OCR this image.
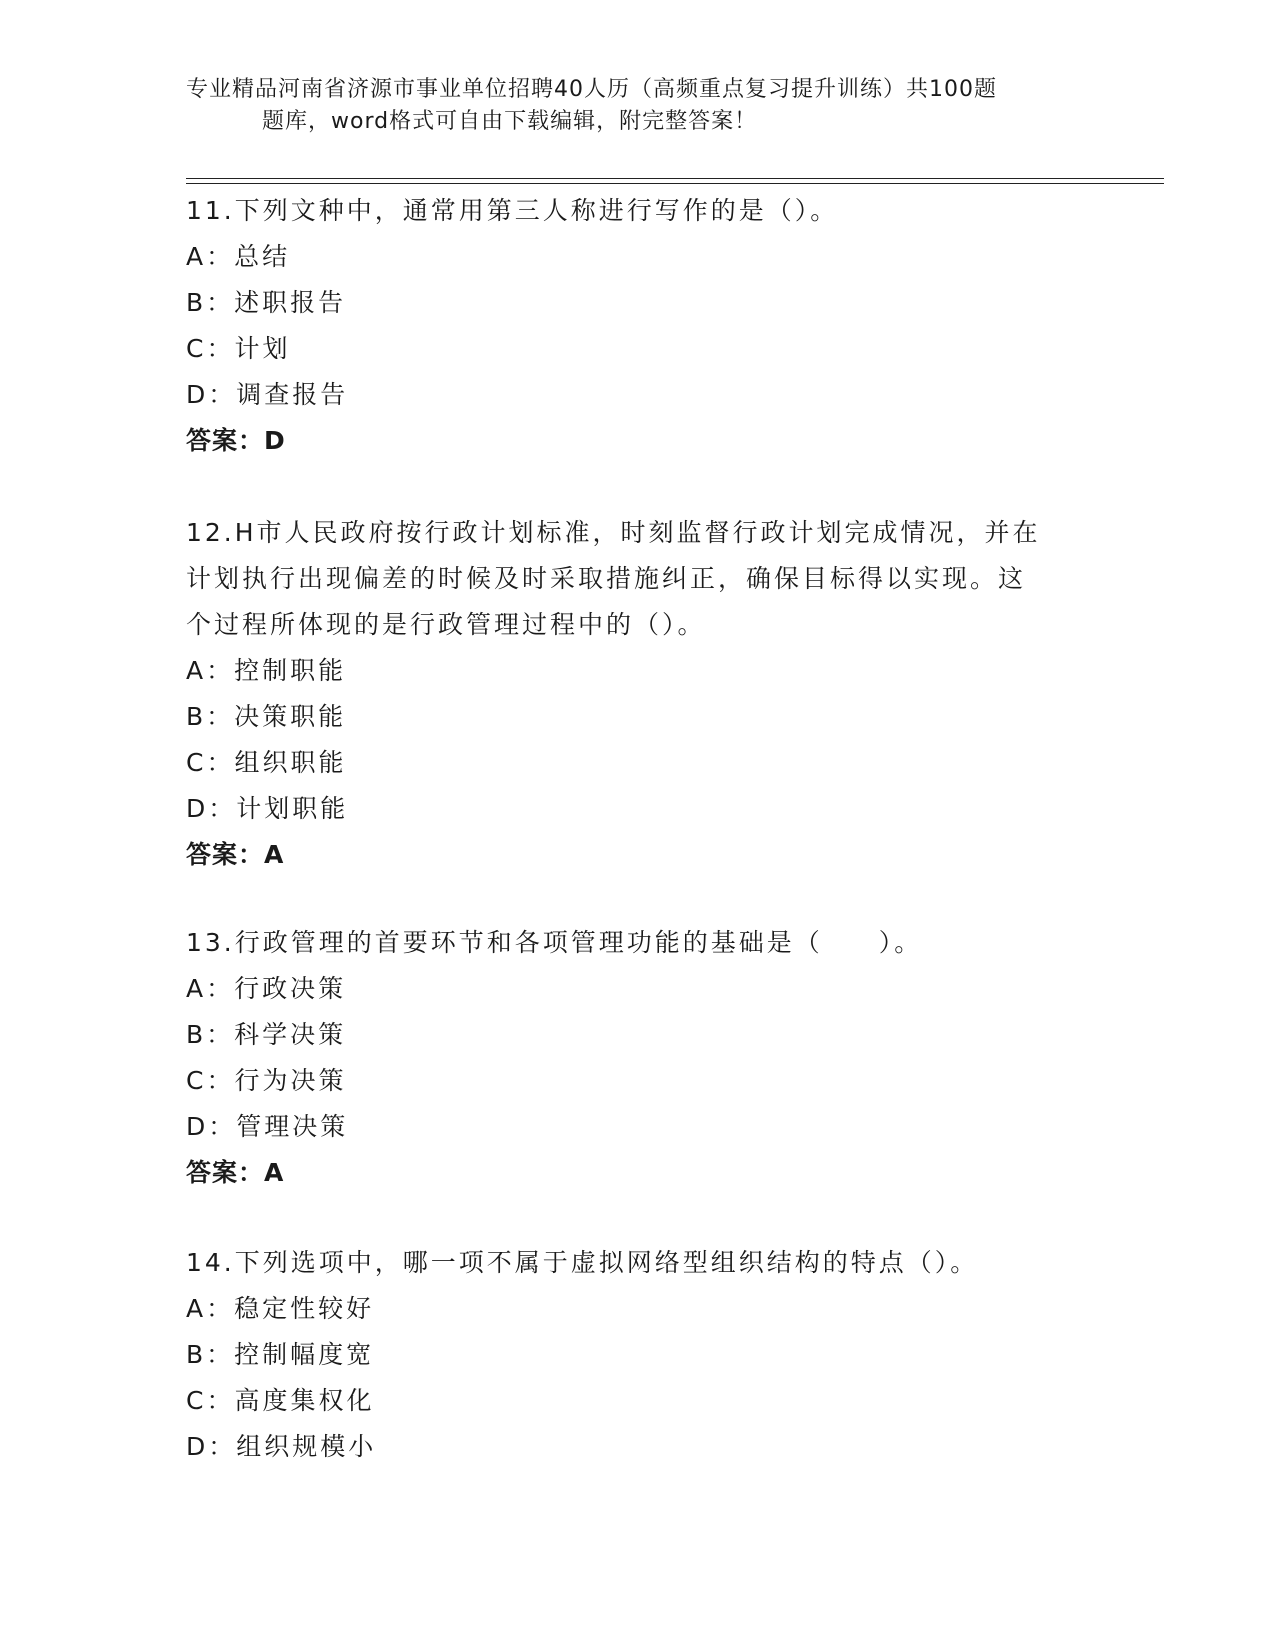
专业精品河南省济源市事业单位招聘40人历（高频重点复习提升训练）共100题
题库，word格式可自由下载编辑，附完整答案！
11.下列文种中，通常用第三人称进行写作的是（）。
A：总结
B：述职报告
C：计划
D：调查报告
答案：D
12.H市人民政府按行政计划标准，时刻监督行政计划完成情况，并在
计划执行出现偏差的时候及时采取措施纠正，确保目标得以实现。这
个过程所体现的是行政管理过程中的（）。
A：控制职能
B：决策职能
C：组织职能
D：计划职能
答案：A
13.行政管理的首要环节和各项管理功能的基础是（　　）。
A：行政决策
B：科学决策
C：行为决策
D：管理决策
答案：A
14.下列选项中，哪一项不属于虚拟网络型组织结构的特点（）。
A：稳定性较好
B：控制幅度宽
C：高度集权化
D：组织规模小
